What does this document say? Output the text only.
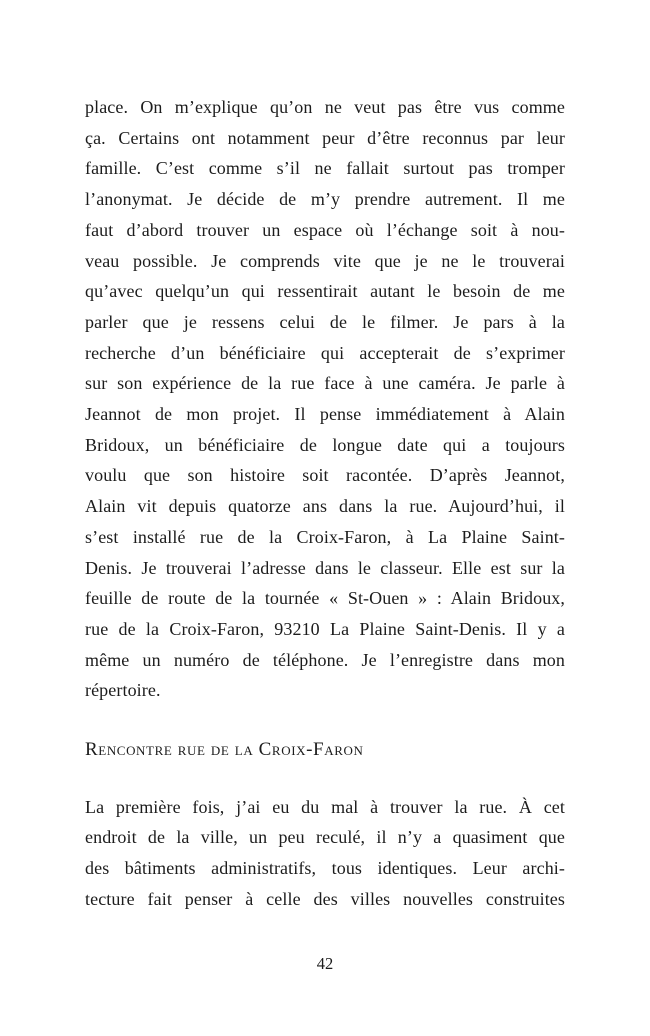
place. On m’explique qu’on ne veut pas être vus comme
ça. Certains ont notamment peur d’être reconnus par leur
famille. C’est comme s’il ne fallait surtout pas tromper
l’anonymat. Je décide de m’y prendre autrement. Il me
faut d’abord trouver un espace où l’échange soit à nou-
veau possible. Je comprends vite que je ne le trouverai
qu’avec quelqu’un qui ressentirait autant le besoin de me
parler que je ressens celui de le filmer. Je pars à la
recherche d’un bénéficiaire qui accepterait de s’exprimer
sur son expérience de la rue face à une caméra. Je parle à
Jeannot de mon projet. Il pense immédiatement à Alain
Bridoux, un bénéficiaire de longue date qui a toujours
voulu que son histoire soit racontée. D’après Jeannot,
Alain vit depuis quatorze ans dans la rue. Aujourd’hui, il
s’est installé rue de la Croix-Faron, à La Plaine Saint-
Denis. Je trouverai l’adresse dans le classeur. Elle est sur la
feuille de route de la tournée « St-Ouen » : Alain Bridoux,
rue de la Croix-Faron, 93210 La Plaine Saint-Denis. Il y a
même un numéro de téléphone. Je l’enregistre dans mon
répertoire.
Rencontre rue de la Croix-Faron
La première fois, j’ai eu du mal à trouver la rue. À cet
endroit de la ville, un peu reculé, il n’y a quasiment que
des bâtiments administratifs, tous identiques. Leur archi-
tecture fait penser à celle des villes nouvelles construites
42
